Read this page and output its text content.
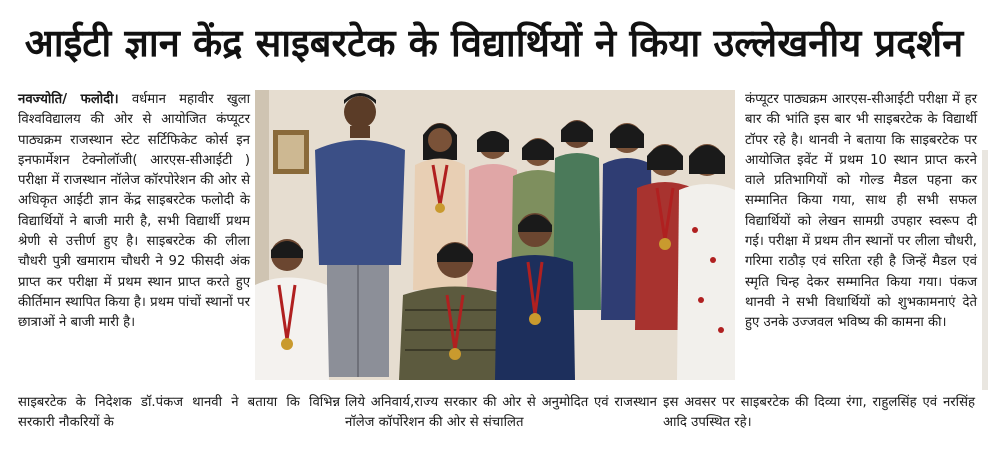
आईटी ज्ञान केंद्र साइबरटेक के विद्यार्थियों ने किया उल्लेखनीय प्रदर्शन
नवज्योति/ फलोदी। वर्धमान महावीर खुला विश्वविद्यालय की ओर से आयोजित कंप्यूटर पाठ्यक्रम राजस्थान स्टेट सर्टिफिकेट कोर्स इन इनफार्मेशन टेक्नोलॉजी( आरएस-सीआईटी ) परीक्षा में राजस्थान नॉलेज कॉरपोरेशन की ओर से अधिकृत आईटी ज्ञान केंद्र साइबरटेक फलोदी के विद्यार्थियों ने बाजी मारी है, सभी विद्यार्थी प्रथम श्रेणी से उत्तीर्ण हुए है। साइबरटेक की लीला चौधरी पुत्री खमाराम चौधरी ने 92 फीसदी अंक प्राप्त कर परीक्षा में प्रथम स्थान प्राप्त करते हुए कीर्तिमान स्थापित किया है। प्रथम पांचों स्थानों पर छात्राओं ने बाजी मारी है।
साइबरटेक के निदेशक डॉ.पंकज थानवी ने बताया कि विभिन्न सरकारी नौकरियों के
लिये अनिवार्य,राज्य सरकार की ओर से अनुमोदित एवं राजस्थान नॉलेज कॉर्पोरेशन की ओर से संचालित
कंप्यूटर पाठ्यक्रम आरएस-सीआईटी परीक्षा में हर बार की भांति इस बार भी साइबरटेक के विद्यार्थी टॉपर रहे है। थानवी ने बताया कि साइबरटेक पर आयोजित इवेंट में प्रथम 10 स्थान प्राप्त करने वाले प्रतिभागियों को गोल्ड मैडल पहना कर सम्मानित किया गया, साथ ही सभी सफल विद्यार्थियों को लेखन सामग्री उपहार स्वरूप दी गई। परीक्षा में प्रथम तीन स्थानों पर लीला चौधरी, गरिमा राठौड़ एवं सरिता रही है जिन्हें मैडल एवं स्मृति चिन्ह देकर सम्मानित किया गया। पंकज थानवी ने सभी विधार्थियों को शुभकामनाएं देते हुए उनके उज्जवल भविष्य की कामना की।
इस अवसर पर साइबरटेक की दिव्या रंगा, राहुलसिंह एवं नरसिंह आदि उपस्थित रहे।
